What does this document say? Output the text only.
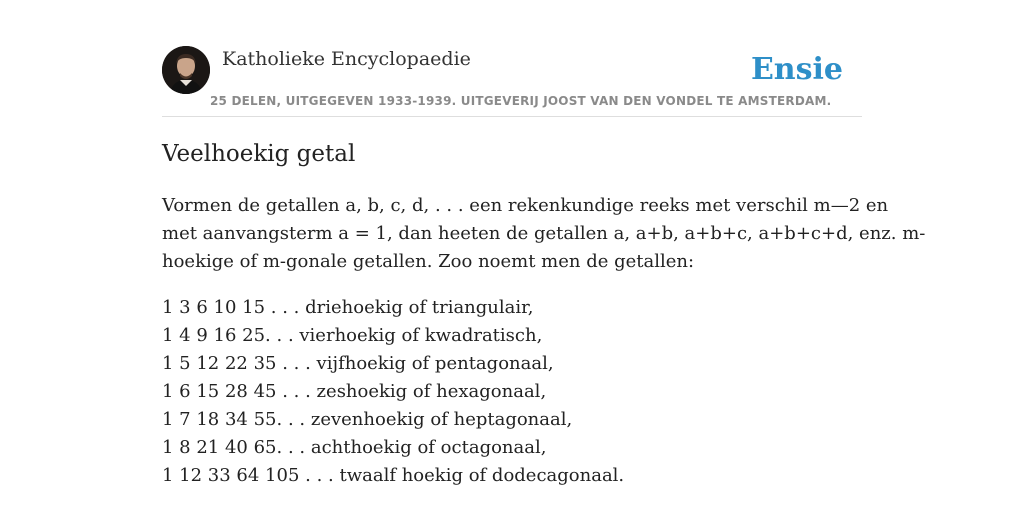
Katholieke Encyclopaedie	Ensie
25 DELEN, UITGEGEVEN 1933-1939. UITGEVERIJ JOOST VAN DEN VONDEL TE AMSTERDAM.
Veelhoekig getal

Vormen de getallen a, b, c, d, . . . een rekenkundige reeks met verschil m—2 en
met aanvangsterm a = 1, dan heeten de getallen a, a+b, a+b+c, a+b+c+d, enz. m-
hoekige of m-gonale getallen. Zoo noemt men de getallen:

1 3 6 10 15 . . . driehoekig of triangulair,
1 4 9 16 25. . . vierhoekig of kwadratisch,
1 5 12 22 35 . . . vijfhoekig of pentagonaal,
1 6 15 28 45 . . . zeshoekig of hexagonaal,
1 7 18 34 55. . . zevenhoekig of heptagonaal,
1 8 21 40 65. . . achthoekig of octagonaal,
1 12 33 64 105 . . . twaalf hoekig of dodecagonaal.
